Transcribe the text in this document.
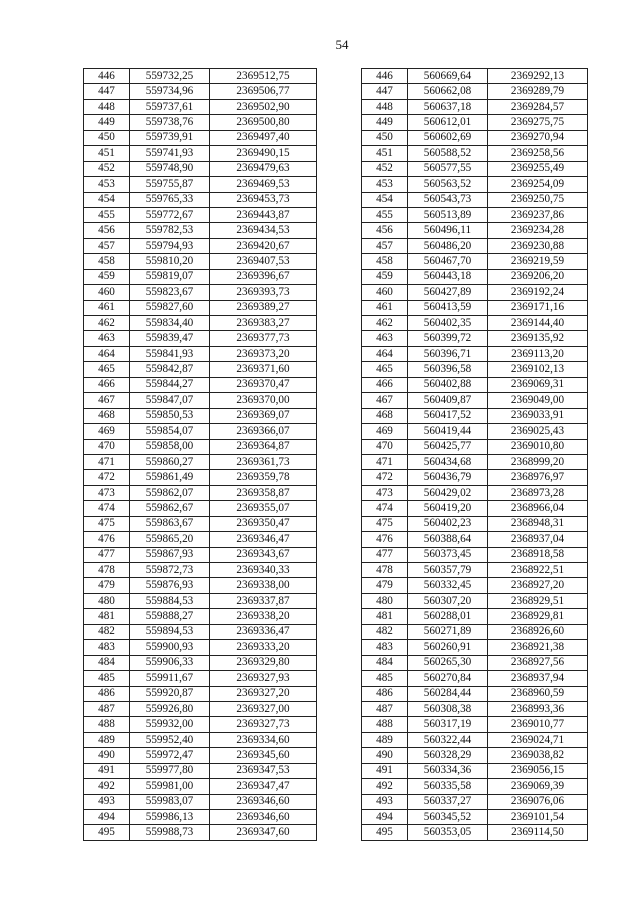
54
446	559732,25	2369512,75		446	560669,64	2369292,13
447	559734,96	2369506,77		447	560662,08	2369289,79
448	559737,61	2369502,90		448	560637,18	2369284,57
449	559738,76	2369500,80		449	560612,01	2369275,75
450	559739,91	2369497,40		450	560602,69	2369270,94
451	559741,93	2369490,15		451	560588,52	2369258,56
452	559748,90	2369479,63		452	560577,55	2369255,49
453	559755,87	2369469,53		453	560563,52	2369254,09
454	559765,33	2369453,73		454	560543,73	2369250,75
455	559772,67	2369443,87		455	560513,89	2369237,86
456	559782,53	2369434,53		456	560496,11	2369234,28
457	559794,93	2369420,67		457	560486,20	2369230,88
458	559810,20	2369407,53		458	560467,70	2369219,59
459	559819,07	2369396,67		459	560443,18	2369206,20
460	559823,67	2369393,73		460	560427,89	2369192,24
461	559827,60	2369389,27		461	560413,59	2369171,16
462	559834,40	2369383,27		462	560402,35	2369144,40
463	559839,47	2369377,73		463	560399,72	2369135,92
464	559841,93	2369373,20		464	560396,71	2369113,20
465	559842,87	2369371,60		465	560396,58	2369102,13
466	559844,27	2369370,47		466	560402,88	2369069,31
467	559847,07	2369370,00		467	560409,87	2369049,00
468	559850,53	2369369,07		468	560417,52	2369033,91
469	559854,07	2369366,07		469	560419,44	2369025,43
470	559858,00	2369364,87		470	560425,77	2369010,80
471	559860,27	2369361,73		471	560434,68	2368999,20
472	559861,49	2369359,78		472	560436,79	2368976,97
473	559862,07	2369358,87		473	560429,02	2368973,28
474	559862,67	2369355,07		474	560419,20	2368966,04
475	559863,67	2369350,47		475	560402,23	2368948,31
476	559865,20	2369346,47		476	560388,64	2368937,04
477	559867,93	2369343,67		477	560373,45	2368918,58
478	559872,73	2369340,33		478	560357,79	2368922,51
479	559876,93	2369338,00		479	560332,45	2368927,20
480	559884,53	2369337,87		480	560307,20	2368929,51
481	559888,27	2369338,20		481	560288,01	2368929,81
482	559894,53	2369336,47		482	560271,89	2368926,60
483	559900,93	2369333,20		483	560260,91	2368921,38
484	559906,33	2369329,80		484	560265,30	2368927,56
485	559911,67	2369327,93		485	560270,84	2368937,94
486	559920,87	2369327,20		486	560284,44	2368960,59
487	559926,80	2369327,00		487	560308,38	2368993,36
488	559932,00	2369327,73		488	560317,19	2369010,77
489	559952,40	2369334,60		489	560322,44	2369024,71
490	559972,47	2369345,60		490	560328,29	2369038,82
491	559977,80	2369347,53		491	560334,36	2369056,15
492	559981,00	2369347,47		492	560335,58	2369069,39
493	559983,07	2369346,60		493	560337,27	2369076,06
494	559986,13	2369346,60		494	560345,52	2369101,54
495	559988,73	2369347,60		495	560353,05	2369114,50
